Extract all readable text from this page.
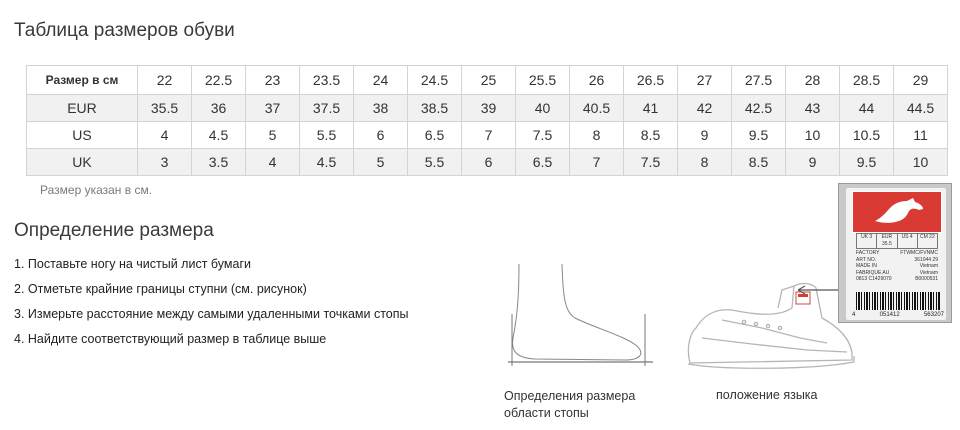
Таблица размеров обуви
Размер в см	22	22.5	23	23.5	24	24.5	25	25.5	26	26.5	27	27.5	28	28.5	29
EUR	35.5	36	37	37.5	38	38.5	39	40	40.5	41	42	42.5	43	44	44.5
US	4	4.5	5	5.5	6	6.5	7	7.5	8	8.5	9	9.5	10	10.5	11
UK	3	3.5	4	4.5	5	5.5	6	6.5	7	7.5	8	8.5	9	9.5	10
Размер указан в см.
Определение размера
1. Поставьте ногу на чистый лист бумаги
2. Отметьте крайние границы ступни (см. рисунок)
3. Измерьте расстояние между самыми удаленными точками стопы
4. Найдите соответствующий размер в таблице выше
Определения размера
области стопы
положение языка
UK 3	EUR 35.5
US 4	CM 22
FACTORY	FTWMC/FVNMC
ART NO.	361044 29
MADE IN	Vietnam
FABRIQUE AU	Vietnam
0813 C1429070	B0000531
4	051412	563207
